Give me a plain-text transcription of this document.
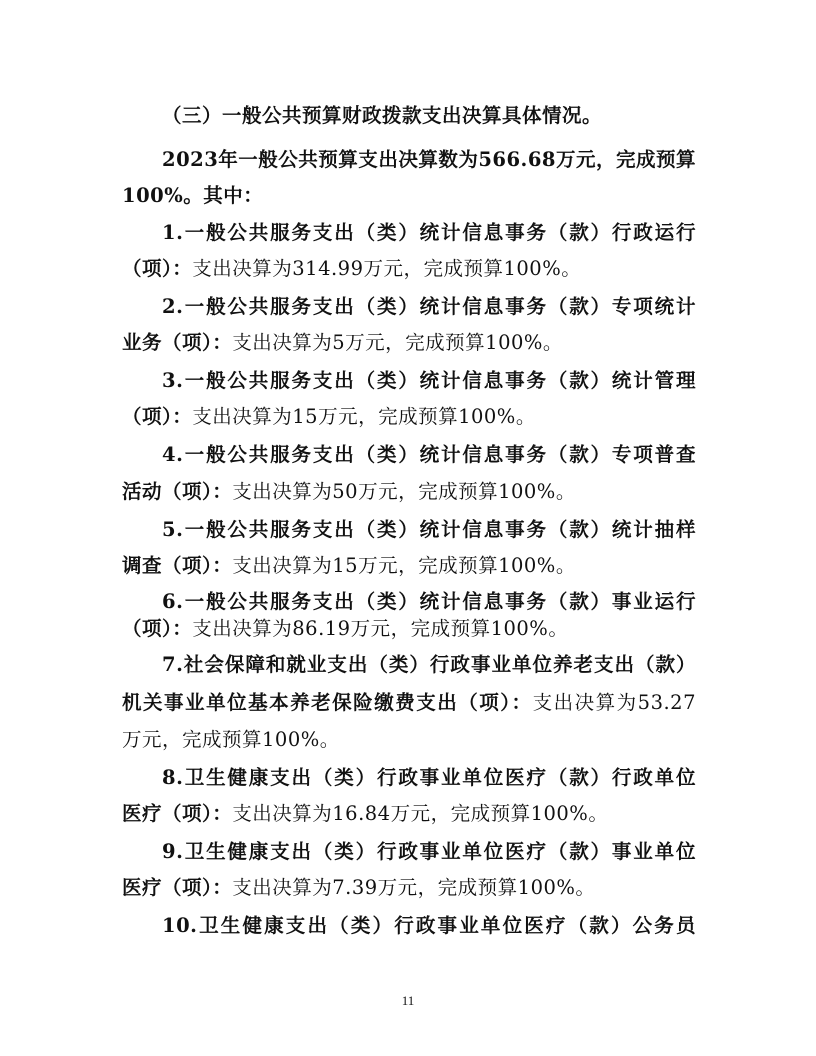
（三）一般公共预算财政拨款支出决算具体情况。
2023年一般公共预算支出决算数为566.68万元，完成预算
100%。其中：
1.一般公共服务支出（类）统计信息事务（款）行政运行
（项）：支出决算为314.99万元，完成预算100%。
2.一般公共服务支出（类）统计信息事务（款）专项统计
业务（项）：支出决算为5万元，完成预算100%。
3.一般公共服务支出（类）统计信息事务（款）统计管理
（项）：支出决算为15万元，完成预算100%。
4.一般公共服务支出（类）统计信息事务（款）专项普查
活动（项）：支出决算为50万元，完成预算100%。
5.一般公共服务支出（类）统计信息事务（款）统计抽样
调查（项）：支出决算为15万元，完成预算100%。
6.一般公共服务支出（类）统计信息事务（款）事业运行
（项）：支出决算为86.19万元，完成预算100%。
7.社会保障和就业支出（类）行政事业单位养老支出（款）
机关事业单位基本养老保险缴费支出（项）：支出决算为53.27
万元，完成预算100%。
8.卫生健康支出（类）行政事业单位医疗（款）行政单位
医疗（项）：支出决算为16.84万元，完成预算100%。
9.卫生健康支出（类）行政事业单位医疗（款）事业单位
医疗（项）：支出决算为7.39万元，完成预算100%。
10.卫生健康支出（类）行政事业单位医疗（款）公务员
11
